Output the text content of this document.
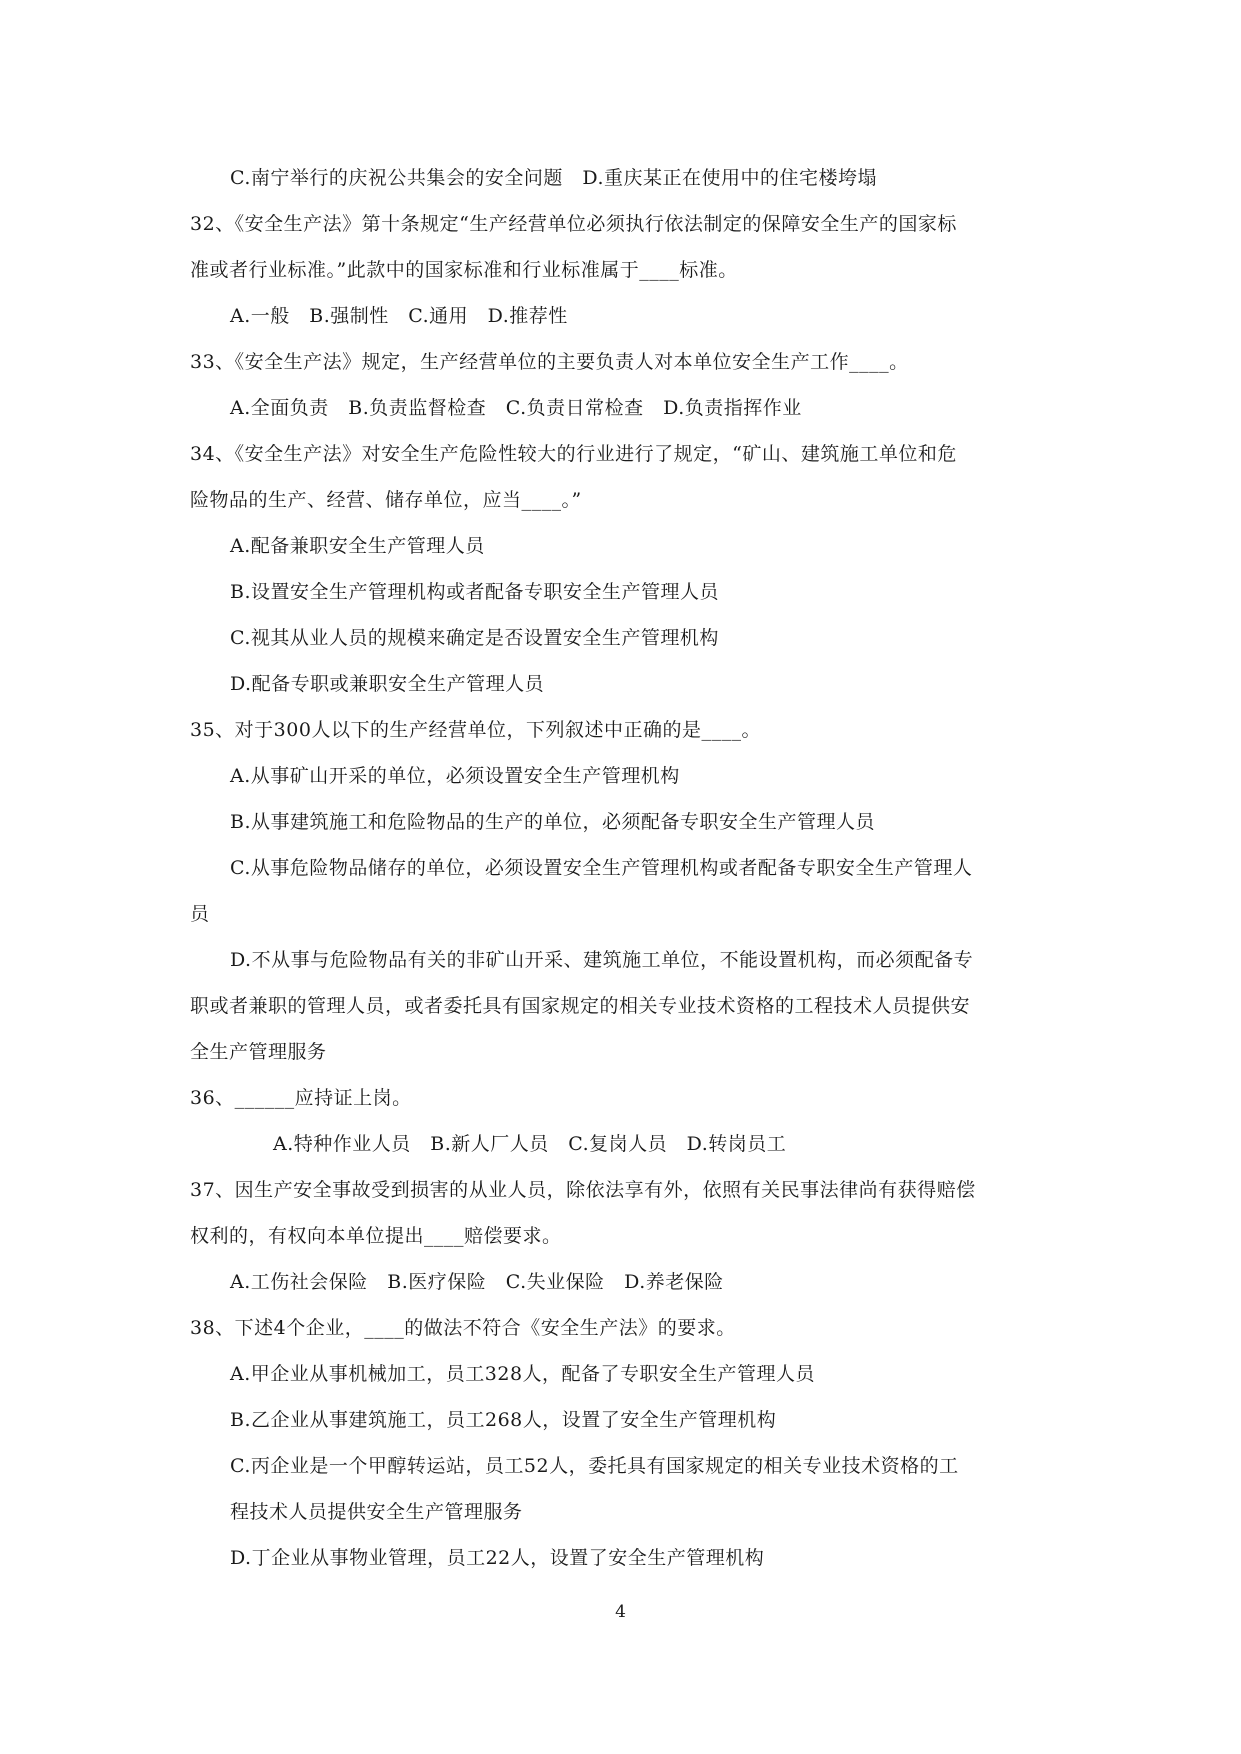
C.南宁举行的庆祝公共集会的安全问题　D.重庆某正在使用中的住宅楼垮塌
32、《安全生产法》第十条规定“生产经营单位必须执行依法制定的保障安全生产的国家标
准或者行业标准。”此款中的国家标准和行业标准属于____标准。
A.一般　B.强制性　C.通用　D.推荐性
33、《安全生产法》规定，生产经营单位的主要负责人对本单位安全生产工作____。
A.全面负责　B.负责监督检查　C.负责日常检查　D.负责指挥作业
34、《安全生产法》对安全生产危险性较大的行业进行了规定，“矿山、建筑施工单位和危
险物品的生产、经营、储存单位，应当____。”
A.配备兼职安全生产管理人员
B.设置安全生产管理机构或者配备专职安全生产管理人员
C.视其从业人员的规模来确定是否设置安全生产管理机构
D.配备专职或兼职安全生产管理人员
35、对于300人以下的生产经营单位，下列叙述中正确的是____。
A.从事矿山开采的单位，必须设置安全生产管理机构
B.从事建筑施工和危险物品的生产的单位，必须配备专职安全生产管理人员
C.从事危险物品储存的单位，必须设置安全生产管理机构或者配备专职安全生产管理人
员
D.不从事与危险物品有关的非矿山开采、建筑施工单位，不能设置机构，而必须配备专
职或者兼职的管理人员，或者委托具有国家规定的相关专业技术资格的工程技术人员提供安
全生产管理服务
36、______应持证上岗。
A.特种作业人员　B.新人厂人员　C.复岗人员　D.转岗员工
37、因生产安全事故受到损害的从业人员，除依法享有外，依照有关民事法律尚有获得赔偿
权利的，有权向本单位提出____赔偿要求。
A.工伤社会保险　B.医疗保险　C.失业保险　D.养老保险
38、下述4个企业，____的做法不符合《安全生产法》的要求。
A.甲企业从事机械加工，员工328人，配备了专职安全生产管理人员
B.乙企业从事建筑施工，员工268人，设置了安全生产管理机构
C.丙企业是一个甲醇转运站，员工52人，委托具有国家规定的相关专业技术资格的工
程技术人员提供安全生产管理服务
D.丁企业从事物业管理，员工22人，设置了安全生产管理机构
4
